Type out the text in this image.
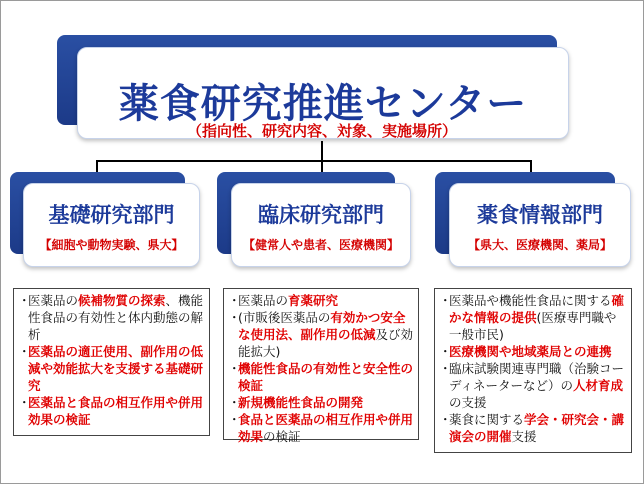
薬食研究推進センター
（指向性、研究内容、対象、実施場所）
基礎研究部門
【細胞や動物実験、県大】
臨床研究部門
【健常人や患者、医療機関】
薬食情報部門
【県大、医療機関、薬局】
・
医薬品の候補物質の探索、機能性食品の有効性と体内動態の解析
・
医薬品の適正使用、副作用の低減や効能拡大を支援する基礎研究
・
医薬品と食品の相互作用や併用効果の検証
・
医薬品の育薬研究
・
(市販後医薬品の有効かつ安全な使用法、副作用の低減及び効能拡大)
・
機能性食品の有効性と安全性の検証
・
新規機能性食品の開発
・
食品と医薬品の相互作用や併用効果の検証
・
医薬品や機能性食品に関する確かな情報の提供(医療専門職や一般市民)
・
医療機関や地域薬局との連携
・
臨床試験関連専門職（治験コーディネーターなど）の人材育成の支援
・
薬食に関する学会・研究会・講演会の開催支援
